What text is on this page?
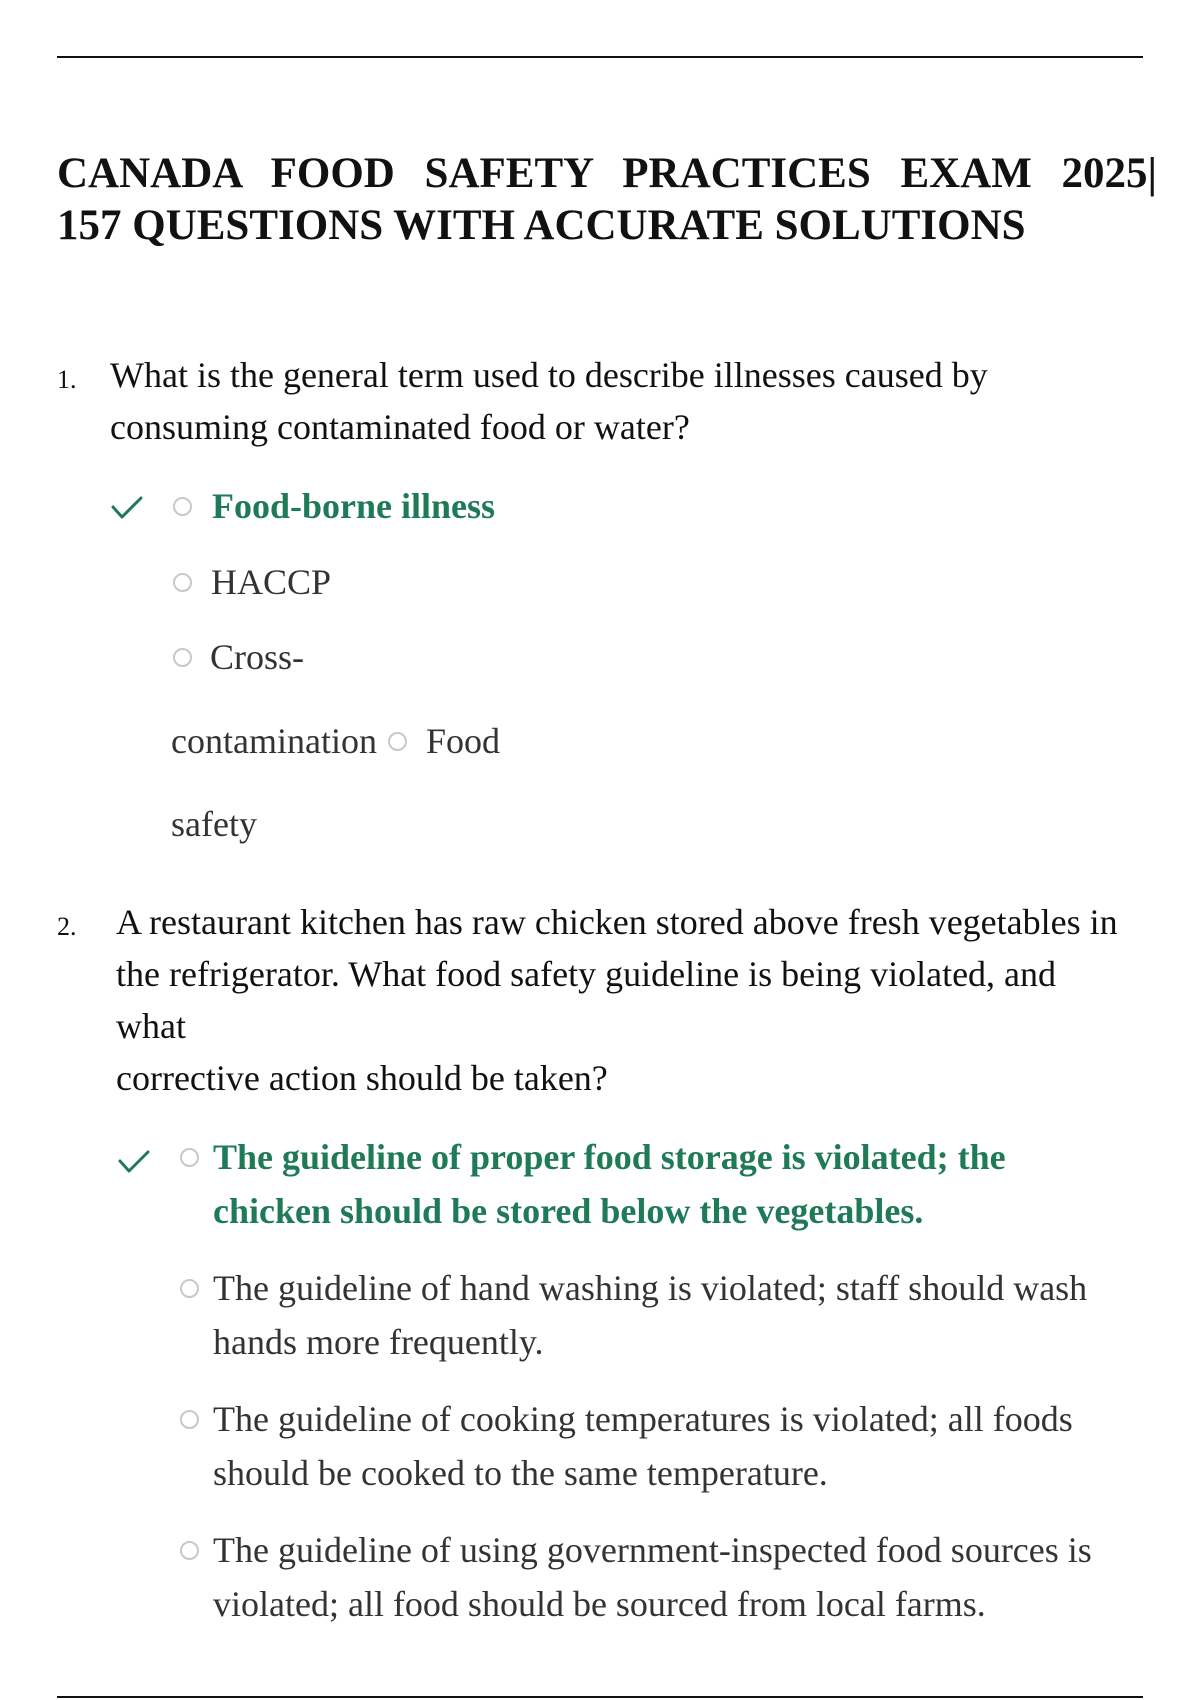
CANADA FOOD SAFETY PRACTICES EXAM 2025|
157 QUESTIONS WITH ACCURATE SOLUTIONS
1. What is the general term used to describe illnesses caused by
consuming contaminated food or water?

Food-borne illness

HACCP

Cross-

contamination Food

safety

2. A restaurant kitchen has raw chicken stored above fresh vegetables in
the refrigerator. What food safety guideline is being violated, and
what
corrective action should be taken?

The guideline of proper food storage is violated; the
chicken should be stored below the vegetables.

The guideline of hand washing is violated; staff should wash
hands more frequently.

The guideline of cooking temperatures is violated; all foods
should be cooked to the same temperature.

The guideline of using government-inspected food sources is
violated; all food should be sourced from local farms.
